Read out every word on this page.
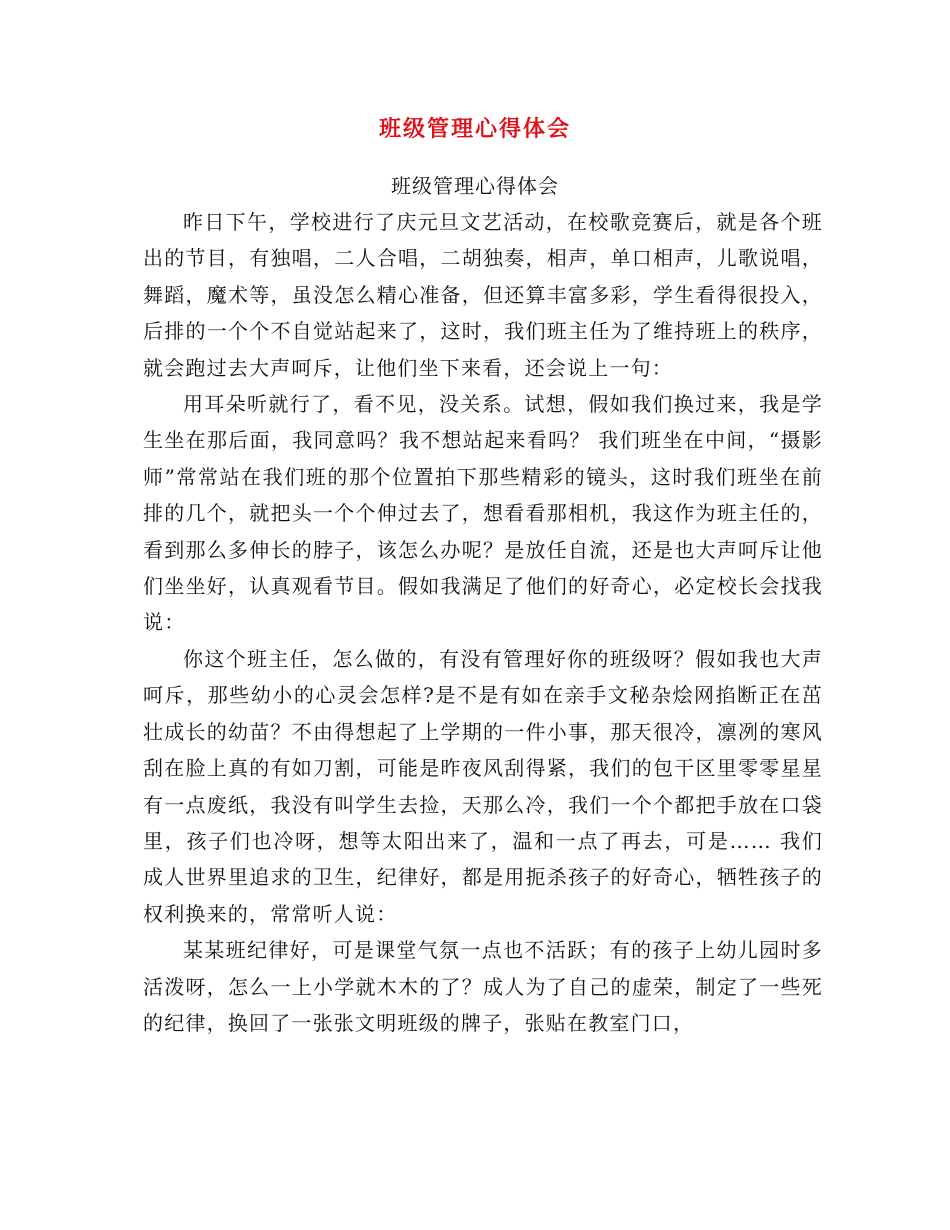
班级管理心得体会
班级管理心得体会

昨日下午，学校进行了庆元旦文艺活动，在校歌竞赛后，就是各个班出的节目，有独唱，二人合唱，二胡独奏，相声，单口相声，儿歌说唱，舞蹈，魔术等，虽没怎么精心准备，但还算丰富多彩，学生看得很投入，后排的一个个不自觉站起来了，这时，我们班主任为了维持班上的秩序，就会跑过去大声呵斥，让他们坐下来看，还会说上一句：

用耳朵听就行了，看不见，没关系。试想，假如我们换过来，我是学生坐在那后面，我同意吗？我不想站起来看吗？ 我们班坐在中间，“摄影师”常常站在我们班的那个位置拍下那些精彩的镜头，这时我们班坐在前排的几个，就把头一个个伸过去了，想看看那相机，我这作为班主任的，看到那么多伸长的脖子，该怎么办呢？是放任自流，还是也大声呵斥让他们坐坐好，认真观看节目。假如我满足了他们的好奇心，必定校长会找我说：

你这个班主任，怎么做的，有没有管理好你的班级呀？假如我也大声呵斥，那些幼小的心灵会怎样?是不是有如在亲手文秘杂烩网掐断正在茁壮成长的幼苗？不由得想起了上学期的一件小事，那天很冷，凛冽的寒风刮在脸上真的有如刀割，可能是昨夜风刮得紧，我们的包干区里零零星星有一点废纸，我没有叫学生去捡，天那么冷，我们一个个都把手放在口袋里，孩子们也冷呀，想等太阳出来了，温和一点了再去，可是…… 我们成人世界里追求的卫生，纪律好，都是用扼杀孩子的好奇心，牺牲孩子的权利换来的，常常听人说：

某某班纪律好，可是课堂气氛一点也不活跃；有的孩子上幼儿园时多活泼呀，怎么一上小学就木木的了？成人为了自己的虚荣，制定了一些死的纪律，换回了一张张文明班级的牌子，张贴在教室门口，
